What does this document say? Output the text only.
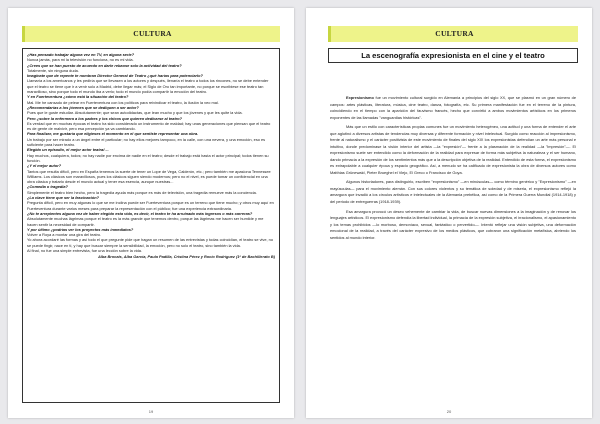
CULTURA

¿Has pensado trabajar alguna vez en TV, en alguna serie?

Nunca jamás, para mi la televisión no funciona, no es mi vida.

¿Crees que se han puesto de acuerdo en darle rebaose solo la actividad del teatro?

Totalmente, sin ninguna duda.

Imaginate que de repente te nombran Director General de Teatro ¿qué harías para potenciarlo?

Llamaría a los americanos y les pediría que se llevasen a los actores y después, llenaría el teatro a todos los rincones, no se debe entender que el teatro se tiene que ir a venir solo a Madrid, debe llegar más; el Siglo de Oro tan importante, no porque se escribiese ese teatro tan maravilloso, sino porque todo el mundo iba a verlo; todo el mundo podía compartir la emoción del teatro.

Y en Fuerteventura ¿cómo está la situación del teatro?

Mal. Me he cansado de pelear en Fuerteventura con los políticos para reivindicar el teatro, la ilusión la veo mal.

¿Recomendarías a los jóvenes que se dediquen a ser actor?

Pues que le guste estudiar. Absolutamente; que sean autodidactas, que lean mucho y que los jóvenes y que les quite la vida.

Pero ¿sobre la enfermera a los padres y los chicos que quieren dedicarse al teatro?

Es verdad que en muchas épocas el teatro ha sido considerado un instrumento de maldad; hay unas generaciones que piensan que el teatro es de gente de malvivir, pero esa percepción ya va cambiando.

Para finalizar, me gustaría que eligieses el momento en el que sentiste representar una obra.

Un trabajo por ser mirado a un ángel entre el particular; no hay ellos mejores tampoco, en la calle, con una nevera, y una emoción, eso es suficiente para hacer teatro.

Elegido un episodio, el mejor actor teatral ...

Hay muchos, cualquiera, todos; no hay nadie por encima de nadie en el teatro; desde el trabajo está hasta el actor principal; todos tienen su función.

¿Y el mejor autor?

Tantos que resulta difícil, pero en España tenemos la suerte de tener un Lope de Vega, Calderón, etc.; pero también me apasiona Tennessee Williams. Los clásicos son maravillosos, pues los clásicos siguen siendo modernos; pero no el nivel, es puede tomar un confidencial en una obra clásica y tratarlo desde el mundo actual y tener esa esencia, aunque nuestras...

¿Comedia o tragedia?

Simplemente el teatro bien hecho, pero la tragedia ayuda más porque es más de televisión, una tragedia remueve más la conciencia.

¿La clave tiene que ser la fascinación?

Pregunta difícil, pero en muy algunas lo que se me inclina puede ser Fuerteventura porque es un terreno que tiene mucho; y otros muy aquí en Fuerteventura durante varios meses para preparar la representación con el público; fue una experiencia extraordinaria.

¿No te arrepientes alguna vez de haber elegido esta vida, es decir, el teatro te ha arruinado más ingresos o más carreras?

Absolutamente muchas lágrimas porque el teatro es la más grande que tenemos dentro, porque las lágrimas me hacen ser humilde y me hacen sentir la necesidad de compartir.

Y por último ¿podrías ver los proyectos más inmediatos?

Volver a Roya a montar una gira del teatro.

Yo ahora acordaré las formas y así todo el que pregunte pide que hagan un resumen de las entrevistas y todas coincidían, el teatro se vive, no se puede fingir, nace en ti, y hay que buscar siempre la sensibilidad, la emoción, pero no solo el teatro, sino también la vida.

Al final, no fue una simple entrevista, fue una lección sobre la vida.

Alba Brocais, Alba García, Paula Padilla, Cristina Pérez y Rocío Rodríguez (1º de Bachillerato B)

19
CULTURA
La escenografía expresionista en el cine y el teatro

Expresionismo fue un movimiento cultural surgido en Alemania a principios del siglo XX, que se plasmó en un gran número de campos: artes plásticas, literatura, música, cine teatro, danza, fotografía, etc. Su primera manifestación fue en el terreno de la pintura, coincidiendo en el tiempo con la aparición del fauvismo francés, hecho que convirtió a ambos movimientos artísticos en los primeros exponentes de las llamadas "vanguardias históricas".

Más que un estilo con características propias comunes fue un movimiento heterogéneo, una actitud y una forma de entender el arte que aglutinó a diversos artistas de tendencias muy diversas y diferente formación y nivel intelectual. Surgido como reacción al impresionismo, frente al naturalismo y el carácter positivista de este movimiento de finales del siglo XIX los expresionistas defendían un arte más personal e intuitivo, donde predominase la visión interior del artista —la "expresión"— frente a la plasmación de la realidad —la "impresión"—. El expresionismo suele ser entendido como la deformación de la realidad para expresar de forma más subjetiva la naturaleza y el ser humano, dando primacía a la expresión de los sentimientos más que a la descripción objetiva de la realidad. Entendido de esta forma, el expresionismo es extrapolable a cualquier época y espacio geográfico. Así, a menudo se ha calificado de expresionista la obra de diversos autores como Matthias Grünewald, Pieter Brueghel el Viejo, El Greco o Francisco de Goya.

Algunos historiadores, para distinguirlo, escriben "expresionismo" —en minúsculas— como término genérico y "Expresionismo" —en mayúsculas— para el movimiento alemán. Con sus colores violentos y su temática de soledad y de miseria, el expresionismo reflejó la amargura que invadió a los círculos artísticos e intelectuales de la Alemania prebélica, así como de la Primera Guerra Mundial (1914-1918) y del periodo de entreguerras (1918-1939).

Esa amargura provocó un deseo vehemente de cambiar la vida, de buscar nuevas dimensiones a la imaginación y de renovar los lenguajes artísticos. El expresionismo defendía la libertad individual, la primacía de la expresión subjetiva, el irracionalismo, el apasionamiento y los temas prohibidos —lo morboso, demoníaco, sexual, fantástico o pervertido—. Intentó reflejar una visión subjetiva, una deformación emocional de la realidad, a través del carácter expresivo de los medios plásticos, que cobraron una significación metafísica, abriendo los sentidos al mundo interior.

20
